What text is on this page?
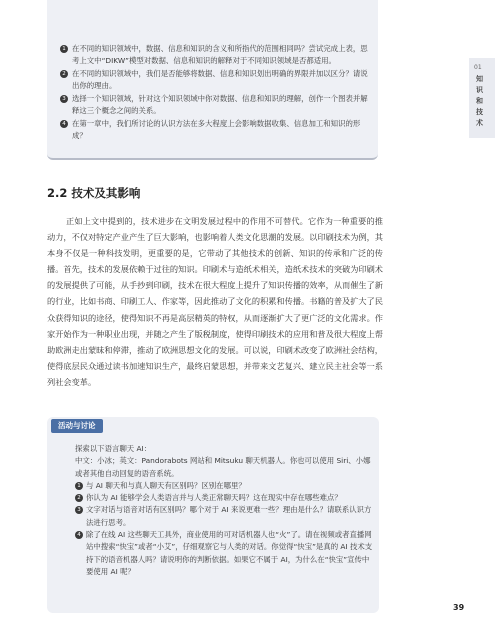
1 在不同的知识领域中，数据、信息和知识的含义和所指代的范围相同吗？尝试完成上表，思考上文中“DIKW”模型对数据、信息和知识的解释对于不同知识领域是否都适用。
2 在不同的知识领域中，我们是否能够将数据、信息和知识划出明确的界限并加以区分？请说出你的理由。
3 选择一个知识领域，针对这个知识领域中你对数据、信息和知识的理解，创作一个图表并解释这三个概念之间的关系。
4 在第一章中，我们所讨论的认识方法在多大程度上会影响数据收集、信息加工和知识的形成？
01
知识和技术
2.2 技术及其影响

正如上文中提到的，技术进步在文明发展过程中的作用不可替代。它作为一种重要的推动力，不仅对特定产业产生了巨大影响，也影响着人类文化思潮的发展。以印刷技术为例，其本身不仅是一种科技发明，更重要的是，它带动了其他技术的创新、知识的传承和广泛的传播。首先，技术的发展依赖于过往的知识。印刷术与造纸术相关，造纸术技术的突破为印刷术的发展提供了可能，从手抄到印刷，技术在很大程度上提升了知识传播的效率，从而催生了新的行业，比如书商、印刷工人、作家等，因此推动了文化的积累和传播。书籍的普及扩大了民众获得知识的途径，使得知识不再是高层精英的特权，从而逐渐扩大了更广泛的文化需求。作家开始作为一种职业出现，并随之产生了版税制度，使得印刷技术的应用和普及很大程度上帮助欧洲走出蒙昧和停滞，推动了欧洲思想文化的发展。可以说，印刷术改变了欧洲社会结构，使得底层民众通过读书加速知识生产，最终启蒙思想，并带来文艺复兴、建立民主社会等一系列社会变革。

活动与讨论

探索以下语言聊天 AI：

中文：小冰；英文：Pandorabots 网站和 Mitsuku 聊天机器人。你也可以使用 Siri、小娜或者其他自动回复的语音系统。

1 与 AI 聊天和与真人聊天有区别吗？区别在哪里？
2 你认为 AI 能够学会人类语言并与人类正常聊天吗？这在现实中存在哪些难点？
3 文字对话与语音对话有区别吗？哪个对于 AI 来说更难一些？理由是什么？请联系认识方法进行思考。
4 除了在线 AI 这些聊天工具外，商业使用的可对话机器人也“火”了。请在视频或者直播网站中搜索“快宝”或者“小艾”，仔细观察它与人类的对话。你觉得“快宝”是真的 AI 技术支持下的语音机器人吗？请说明你的判断依据。如果它不属于 AI，为什么在“快宝”宣传中要使用 AI 呢？
39
